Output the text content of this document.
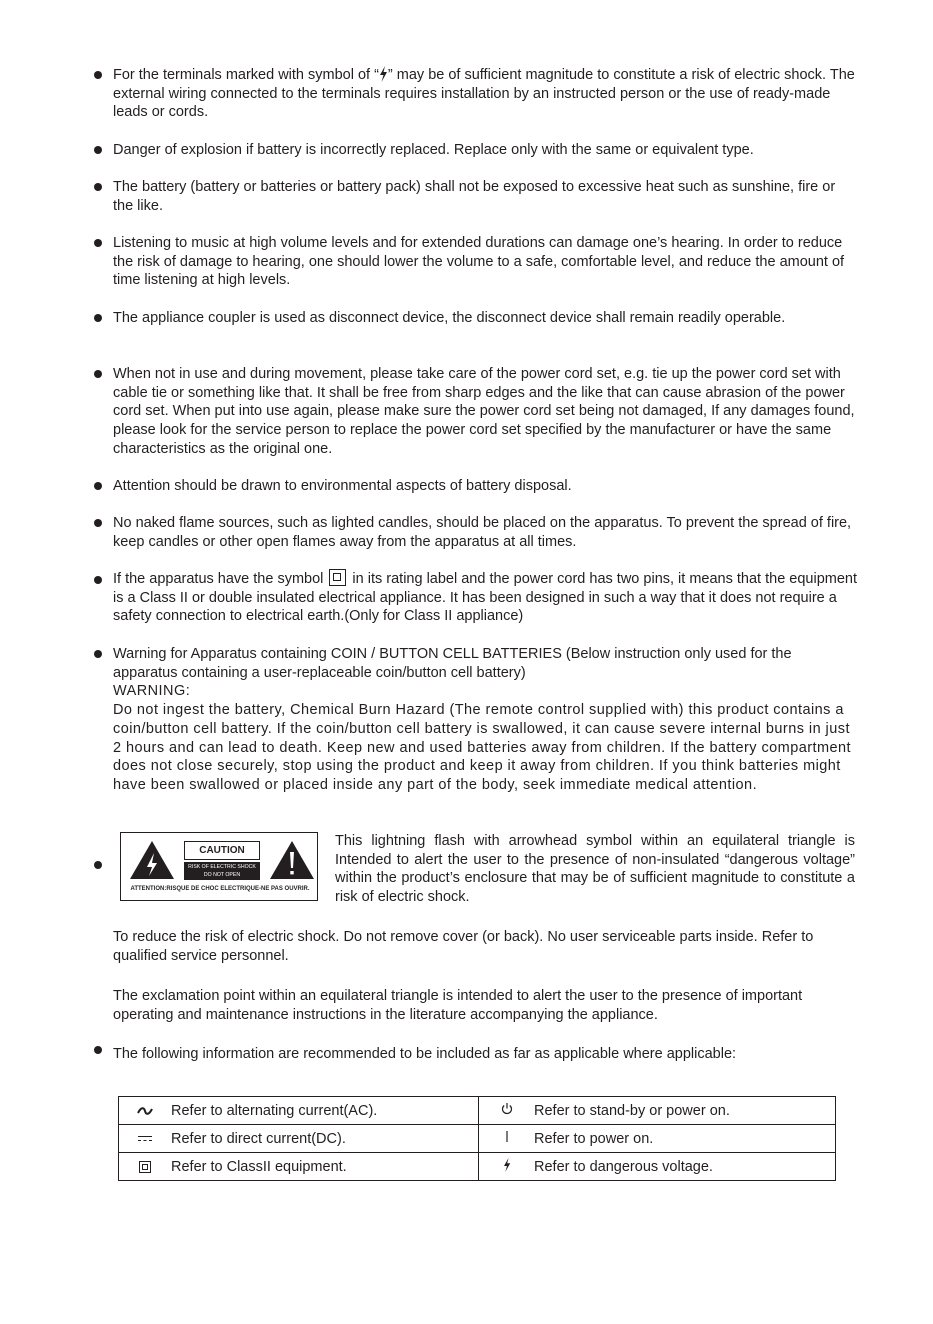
For the terminals marked with symbol of “ ” may be of sufficient magnitude to constitute a risk of electric shock. The external wiring connected to the terminals requires installation by an instructed person or the use of ready-made leads or cords.

Danger of explosion if battery is incorrectly replaced. Replace only with the same or equivalent type.

The battery (battery or batteries or battery pack) shall not be exposed to excessive heat such as sunshine, fire or the like.

Listening to music at high volume levels and for extended durations can damage one’s hearing. In order to reduce the risk of damage to hearing, one should lower the volume to a safe, comfortable level, and reduce the amount of time listening at high levels.

The appliance coupler is used as disconnect device, the disconnect device shall remain readily operable.

When not in use and during movement, please take care of the power cord set, e.g. tie up the power cord set with cable tie or something like that. It shall be free from sharp edges and the like that can cause abrasion of the power cord set. When put into use again, please make sure the power cord set being not damaged, If any damages found, please look for the service person to replace the power cord set specified by the manufacturer or have the same characteristics as the original one.

Attention should be drawn to environmental aspects of battery disposal.

No naked flame sources, such as lighted candles, should be placed on the apparatus. To prevent the spread of fire, keep candles or other open flames away from the apparatus at all times.

If the apparatus have the symbol  in its rating label and the power cord has two pins, it means that the equipment is a Class II or double insulated electrical appliance. It has been designed in such a way that it does not require a safety connection to electrical earth.(Only for Class II appliance)

Warning for Apparatus containing COIN / BUTTON CELL BATTERIES (Below instruction only used for the apparatus containing a user-replaceable coin/button cell battery)

WARNING:

Do not ingest the battery, Chemical Burn Hazard (The remote control supplied with) this product contains a coin/button cell battery. If the coin/button cell battery is swallowed, it can cause severe internal burns in just 2 hours and can lead to death. Keep new and used batteries away from children. If the battery compartment does not close securely, stop using the product and keep it away from children. If you think batteries might have been swallowed or placed inside any part of the body, seek immediate medical attention.

CAUTION
RISK OF ELECTRIC SHOCK
DO NOT OPEN
ATTENTION:RISQUE DE CHOC ELECTRIQUE-NE PAS OUVRIR.
This lightning flash with arrowhead symbol within an equilateral triangle is Intended to alert the user to the presence of non-insulated “dangerous voltage” within the product’s enclosure that may be of sufficient magnitude to constitute a risk of electric shock.

To reduce the risk of electric shock. Do not remove cover (or back). No user serviceable parts inside. Refer to qualified service personnel.

The exclamation point within an equilateral triangle is intended to alert the user to the presence of important operating and maintenance instructions in the literature accompanying the appliance.

The following information are recommended to be included as far as applicable where applicable:

	Refer to alternating current(AC).		Refer to stand-by or power on.
	Refer to direct current(DC).		Refer to power on.
	Refer to ClassII equipment.		Refer to dangerous voltage.
